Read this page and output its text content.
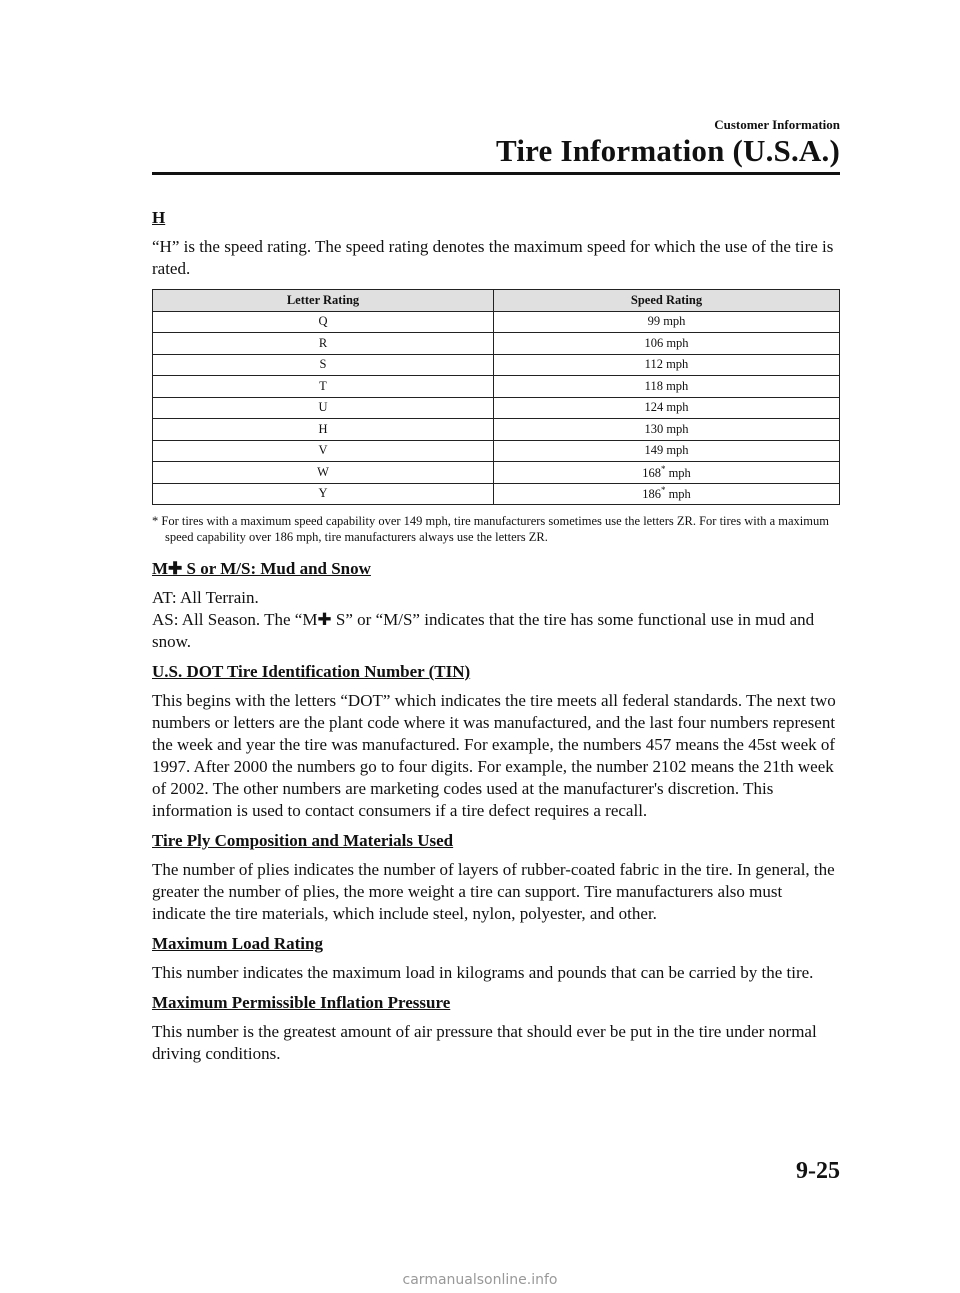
Customer Information
Tire Information (U.S.A.)
H

“H” is the speed rating. The speed rating denotes the maximum speed for which the use of the tire is rated.

Letter Rating	Speed Rating
Q	99 mph
R	106 mph
S	112 mph
T	118 mph
U	124 mph
H	130 mph
V	149 mph
W	168* mph
Y	186* mph
* For tires with a maximum speed capability over 149 mph, tire manufacturers sometimes use the letters ZR. For tires with a maximum speed capability over 186 mph, tire manufacturers always use the letters ZR.
M✚ S or M/S: Mud and Snow

AT: All Terrain.

AS: All Season. The “M✚ S” or “M/S” indicates that the tire has some functional use in mud and snow.

U.S. DOT Tire Identification Number (TIN)

This begins with the letters “DOT” which indicates the tire meets all federal standards. The next two numbers or letters are the plant code where it was manufactured, and the last four numbers represent the week and year the tire was manufactured. For example, the numbers 457 means the 45st week of 1997. After 2000 the numbers go to four digits. For example, the number 2102 means the 21th week of 2002. The other numbers are marketing codes used at the manufacturer's discretion. This information is used to contact consumers if a tire defect requires a recall.

Tire Ply Composition and Materials Used

The number of plies indicates the number of layers of rubber-coated fabric in the tire. In general, the greater the number of plies, the more weight a tire can support. Tire manufacturers also must indicate the tire materials, which include steel, nylon, polyester, and other.

Maximum Load Rating

This number indicates the maximum load in kilograms and pounds that can be carried by the tire.

Maximum Permissible Inflation Pressure

This number is the greatest amount of air pressure that should ever be put in the tire under normal driving conditions.

9-25
carmanualsonline.info
